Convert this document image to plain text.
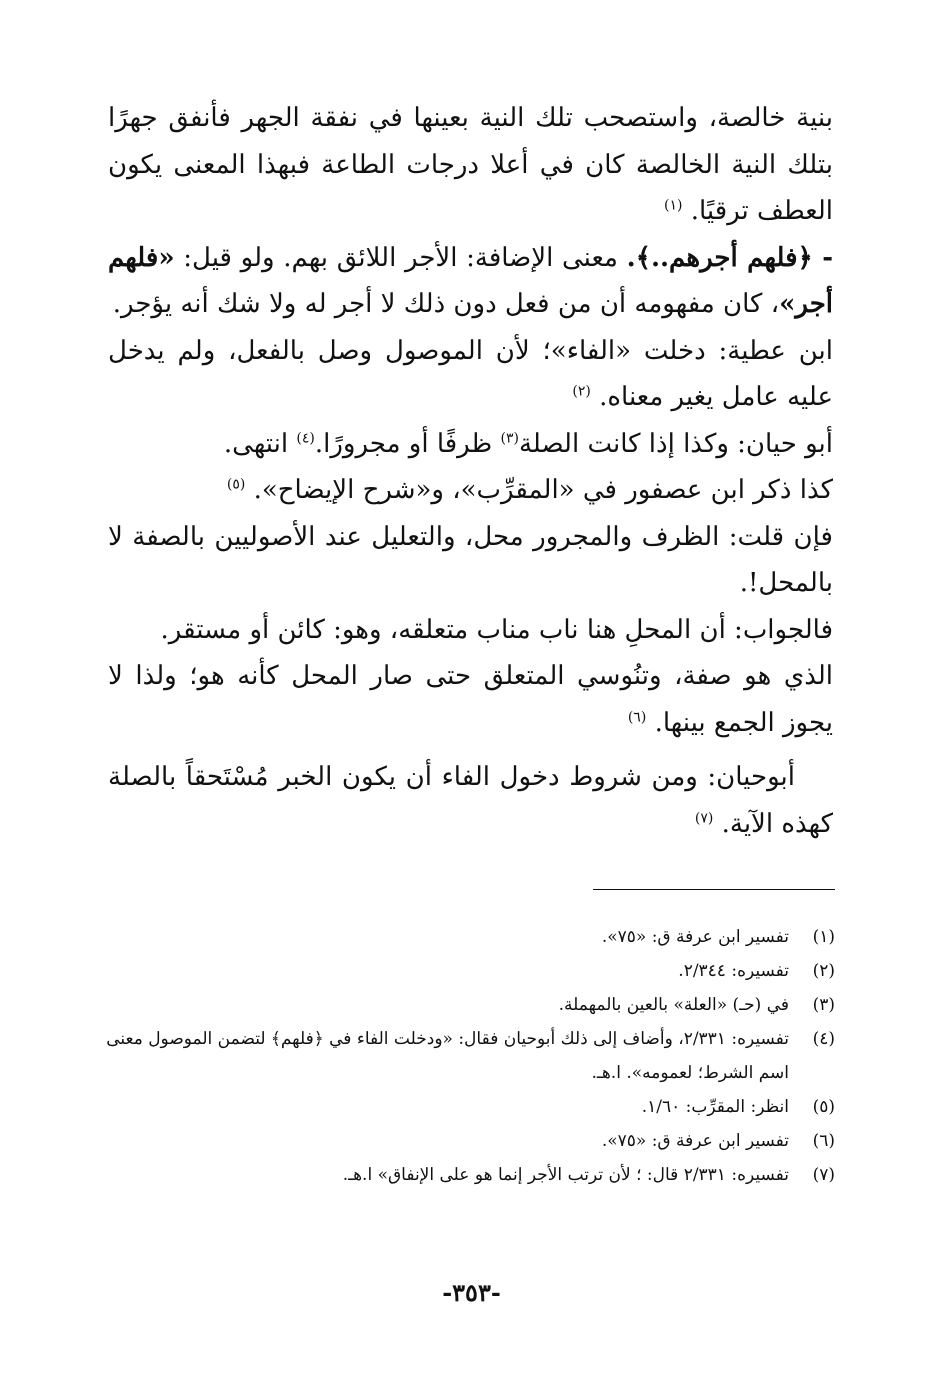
بنية خالصة، واستصحب تلك النية بعينها في نفقة الجهر فأنفق جهرًا بتلك النية الخالصة كان في أعلا درجات الطاعة فبهذا المعنى يكون العطف ترقيًا. $^{(١)}$

- ﴿فلهم أجرهم..﴾. معنى الإضافة: الأجر اللائق بهم. ولو قيل: «فلهم أجر»، كان مفهومه أن من فعل دون ذلك لا أجر له ولا شك أنه يؤجر.

ابن عطية: دخلت «الفاء»؛ لأن الموصول وصل بالفعل، ولم يدخل عليه عامل يغير معناه. $^{(٢)}$

أبو حيان: وكذا إذا كانت الصلة$^{(٣)}$ ظرفًا أو مجرورًا.$^{(٤)}$ انتهى.

كذا ذكر ابن عصفور في «المقرِّب»، و«شرح الإيضاح». $^{(٥)}$

فإن قلت: الظرف والمجرور محل، والتعليل عند الأصوليين بالصفة لا بالمحل!.

فالجواب: أن المحلِ هنا ناب مناب متعلقه، وهو: كائن أو مستقر.

الذي هو صفة، وتنُوسي المتعلق حتى صار المحل كأنه هو؛ ولذا لا يجوز الجمع بينها. $^{(٦)}$

أبوحيان: ومن شروط دخول الفاء أن يكون الخبر مُسْتَحقاً بالصلة كهذه الآية. $^{(٧)}$

(١)
تفسير ابن عرفة ق: «٧٥».
(٢)
تفسيره: ٢/٣٤٤.
(٣)
في (حـ) «العلة» بالعين بالمهملة.
(٤)
تفسيره: ٢/٣٣١، وأضاف إلى ذلك أبوحيان فقال: «ودخلت الفاء في ﴿فلهم﴾ لتضمن الموصول معنى اسم الشرط؛ لعمومه». ا.هـ.
(٥)
انظر: المقرِّب: ١/٦٠.
(٦)
تفسير ابن عرفة ق: «٧٥».
(٧)
تفسيره: ٢/٣٣١ قال: ؛ لأن ترتب الأجر إنما هو على الإنفاق» ا.هـ.
-٣٥٣-
